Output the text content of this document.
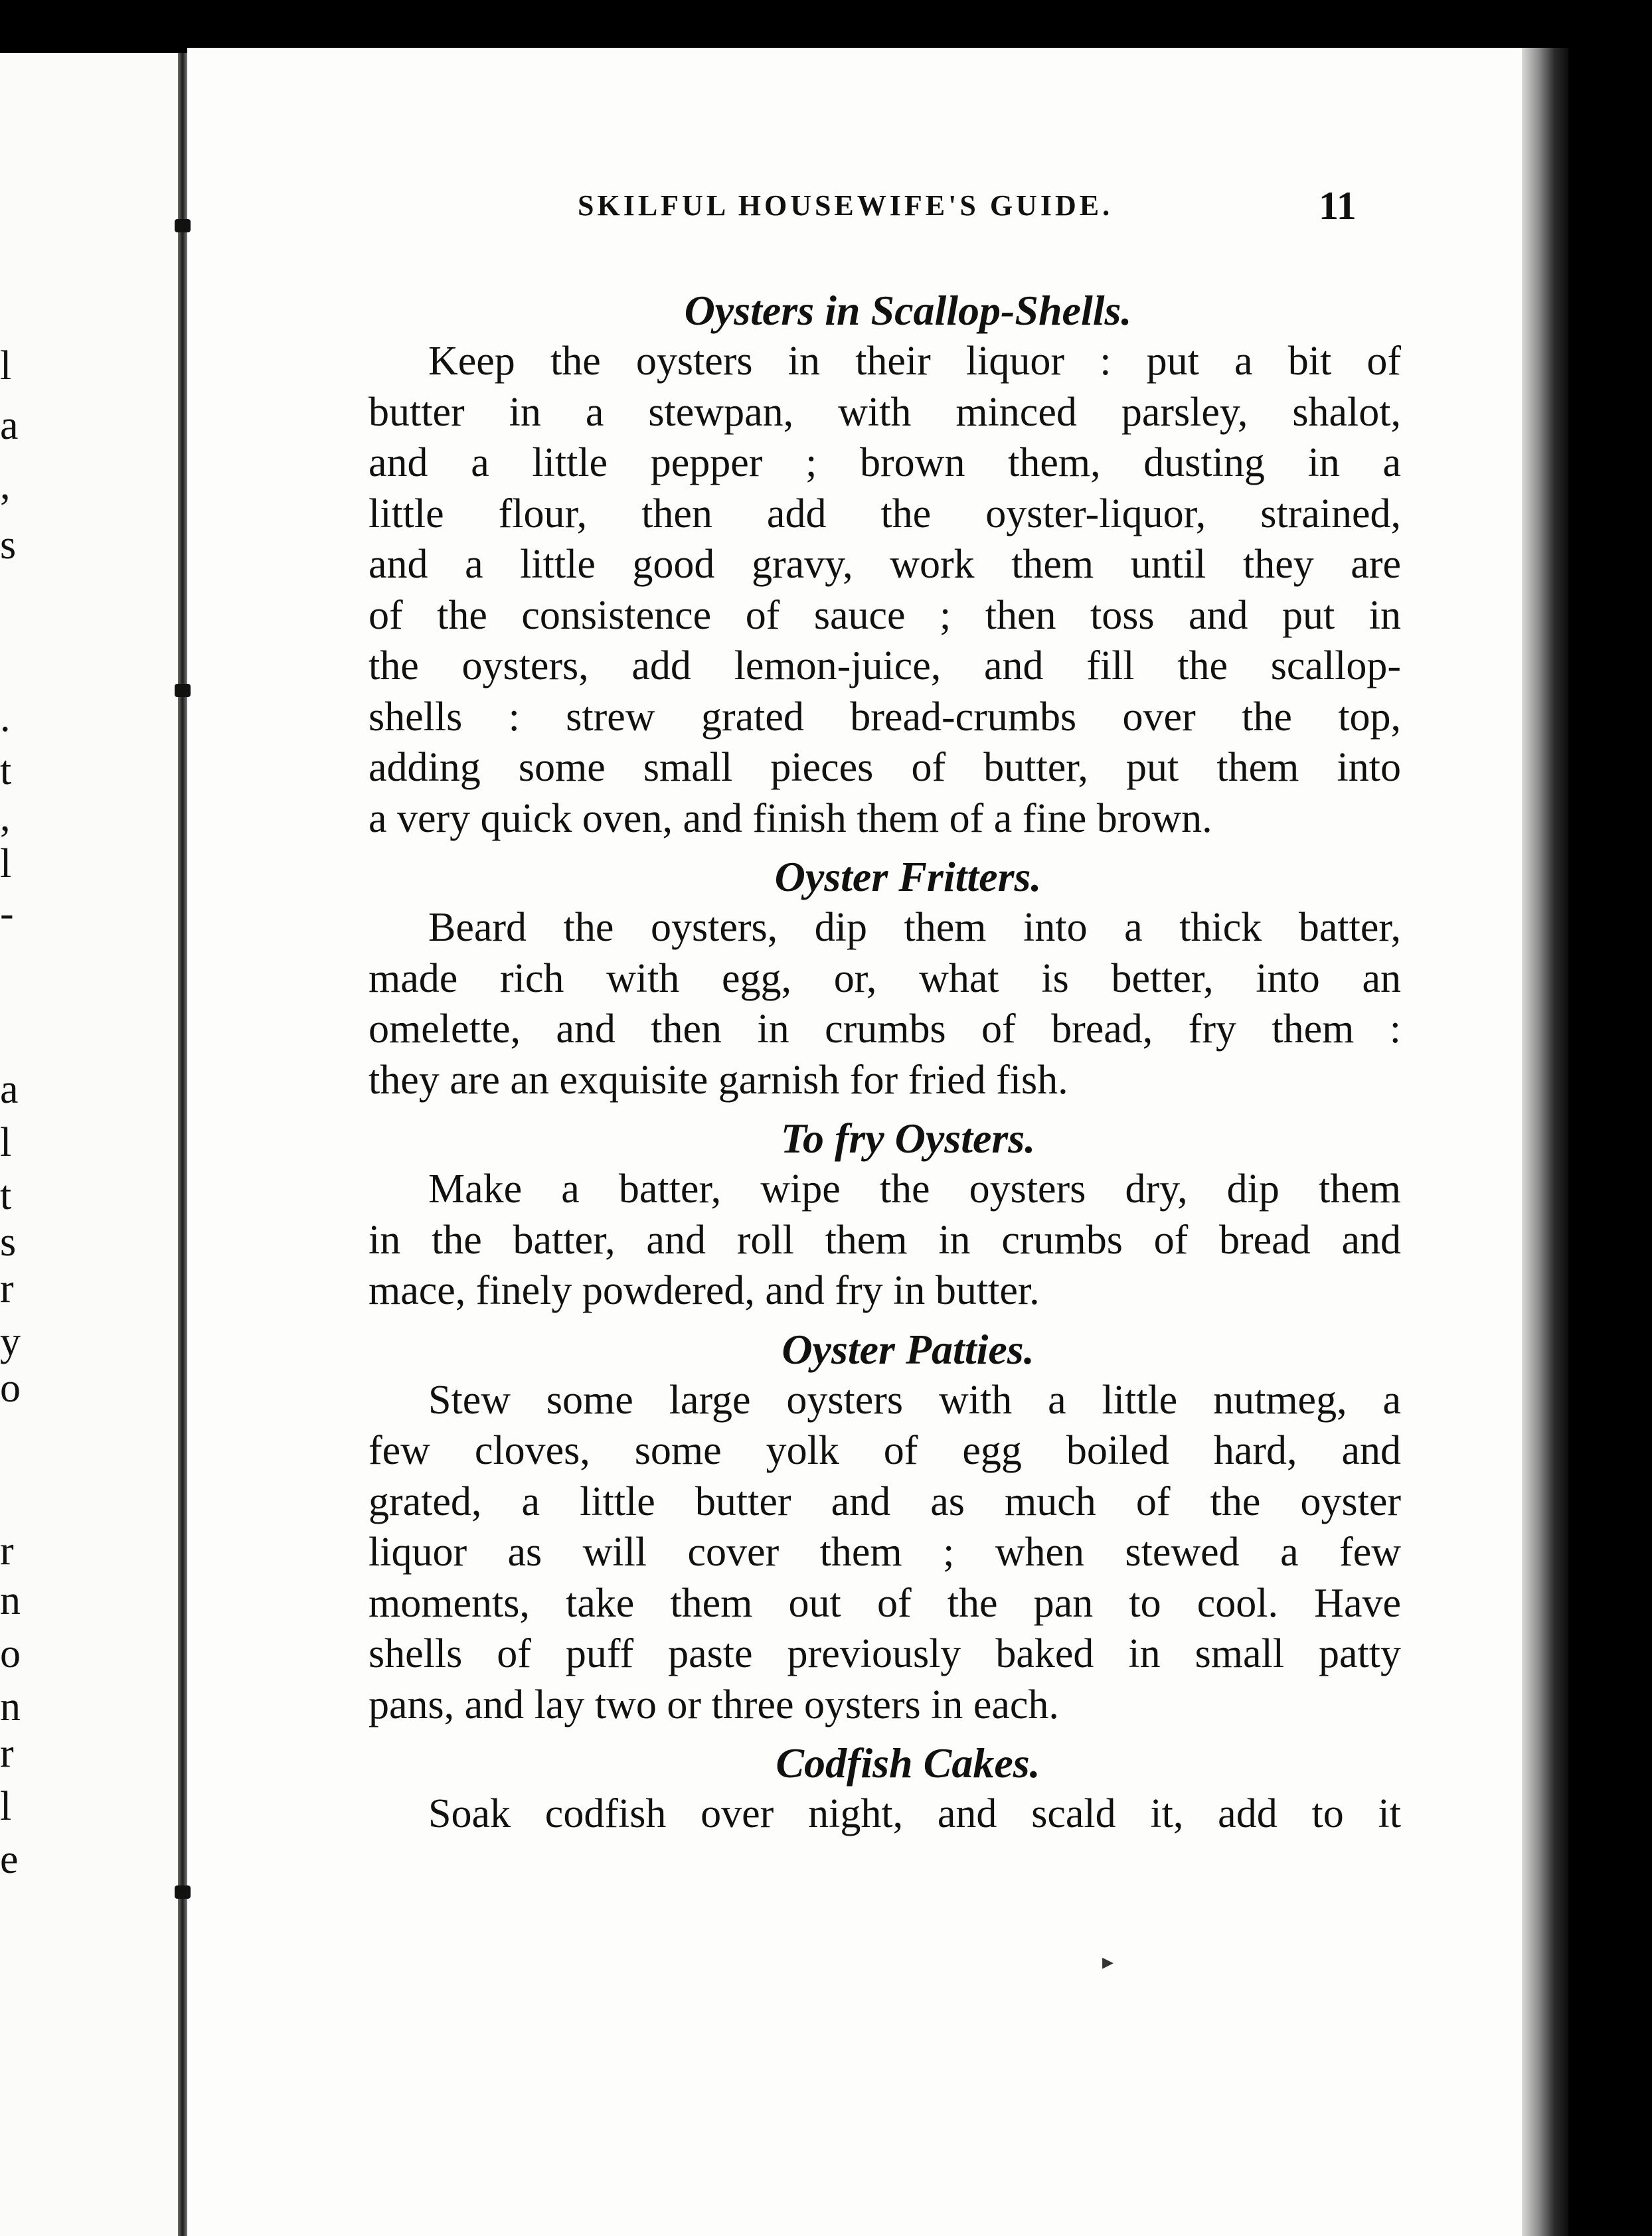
l
a
,
s
.
t
,
l
-
a
l
t
s
r
y
o
r
n
o
n
r
l
e
SKILFUL HOUSEWIFE'S GUIDE.	11
Oysters in Scallop-Shells.
Keep the oysters in their liquor : put a bit of
butter in a stewpan, with minced parsley, shalot,
and a little pepper ; brown them, dusting in a
little flour, then add the oyster-liquor, strained,
and a little good gravy, work them until they are
of the consistence of sauce ; then toss and put in
the oysters, add lemon-juice, and fill the scallop-
shells : strew grated bread-crumbs over the top,
adding some small pieces of butter, put them into
a very quick oven, and finish them of a fine brown.
Oyster Fritters.
Beard the oysters, dip them into a thick batter,
made rich with egg, or, what is better, into an
omelette, and then in crumbs of bread, fry them :
they are an exquisite garnish for fried fish.
To fry Oysters.
Make a batter, wipe the oysters dry, dip them
in the batter, and roll them in crumbs of bread and
mace, finely powdered, and fry in butter.
Oyster Patties.
Stew some large oysters with a little nutmeg, a
few cloves, some yolk of egg boiled hard, and
grated, a little butter and as much of the oyster
liquor as will cover them ; when stewed a few
moments, take them out of the pan to cool. Have
shells of puff paste previously baked in small patty
pans, and lay two or three oysters in each.
Codfish Cakes.
Soak codfish over night, and scald it, add to it
▸
